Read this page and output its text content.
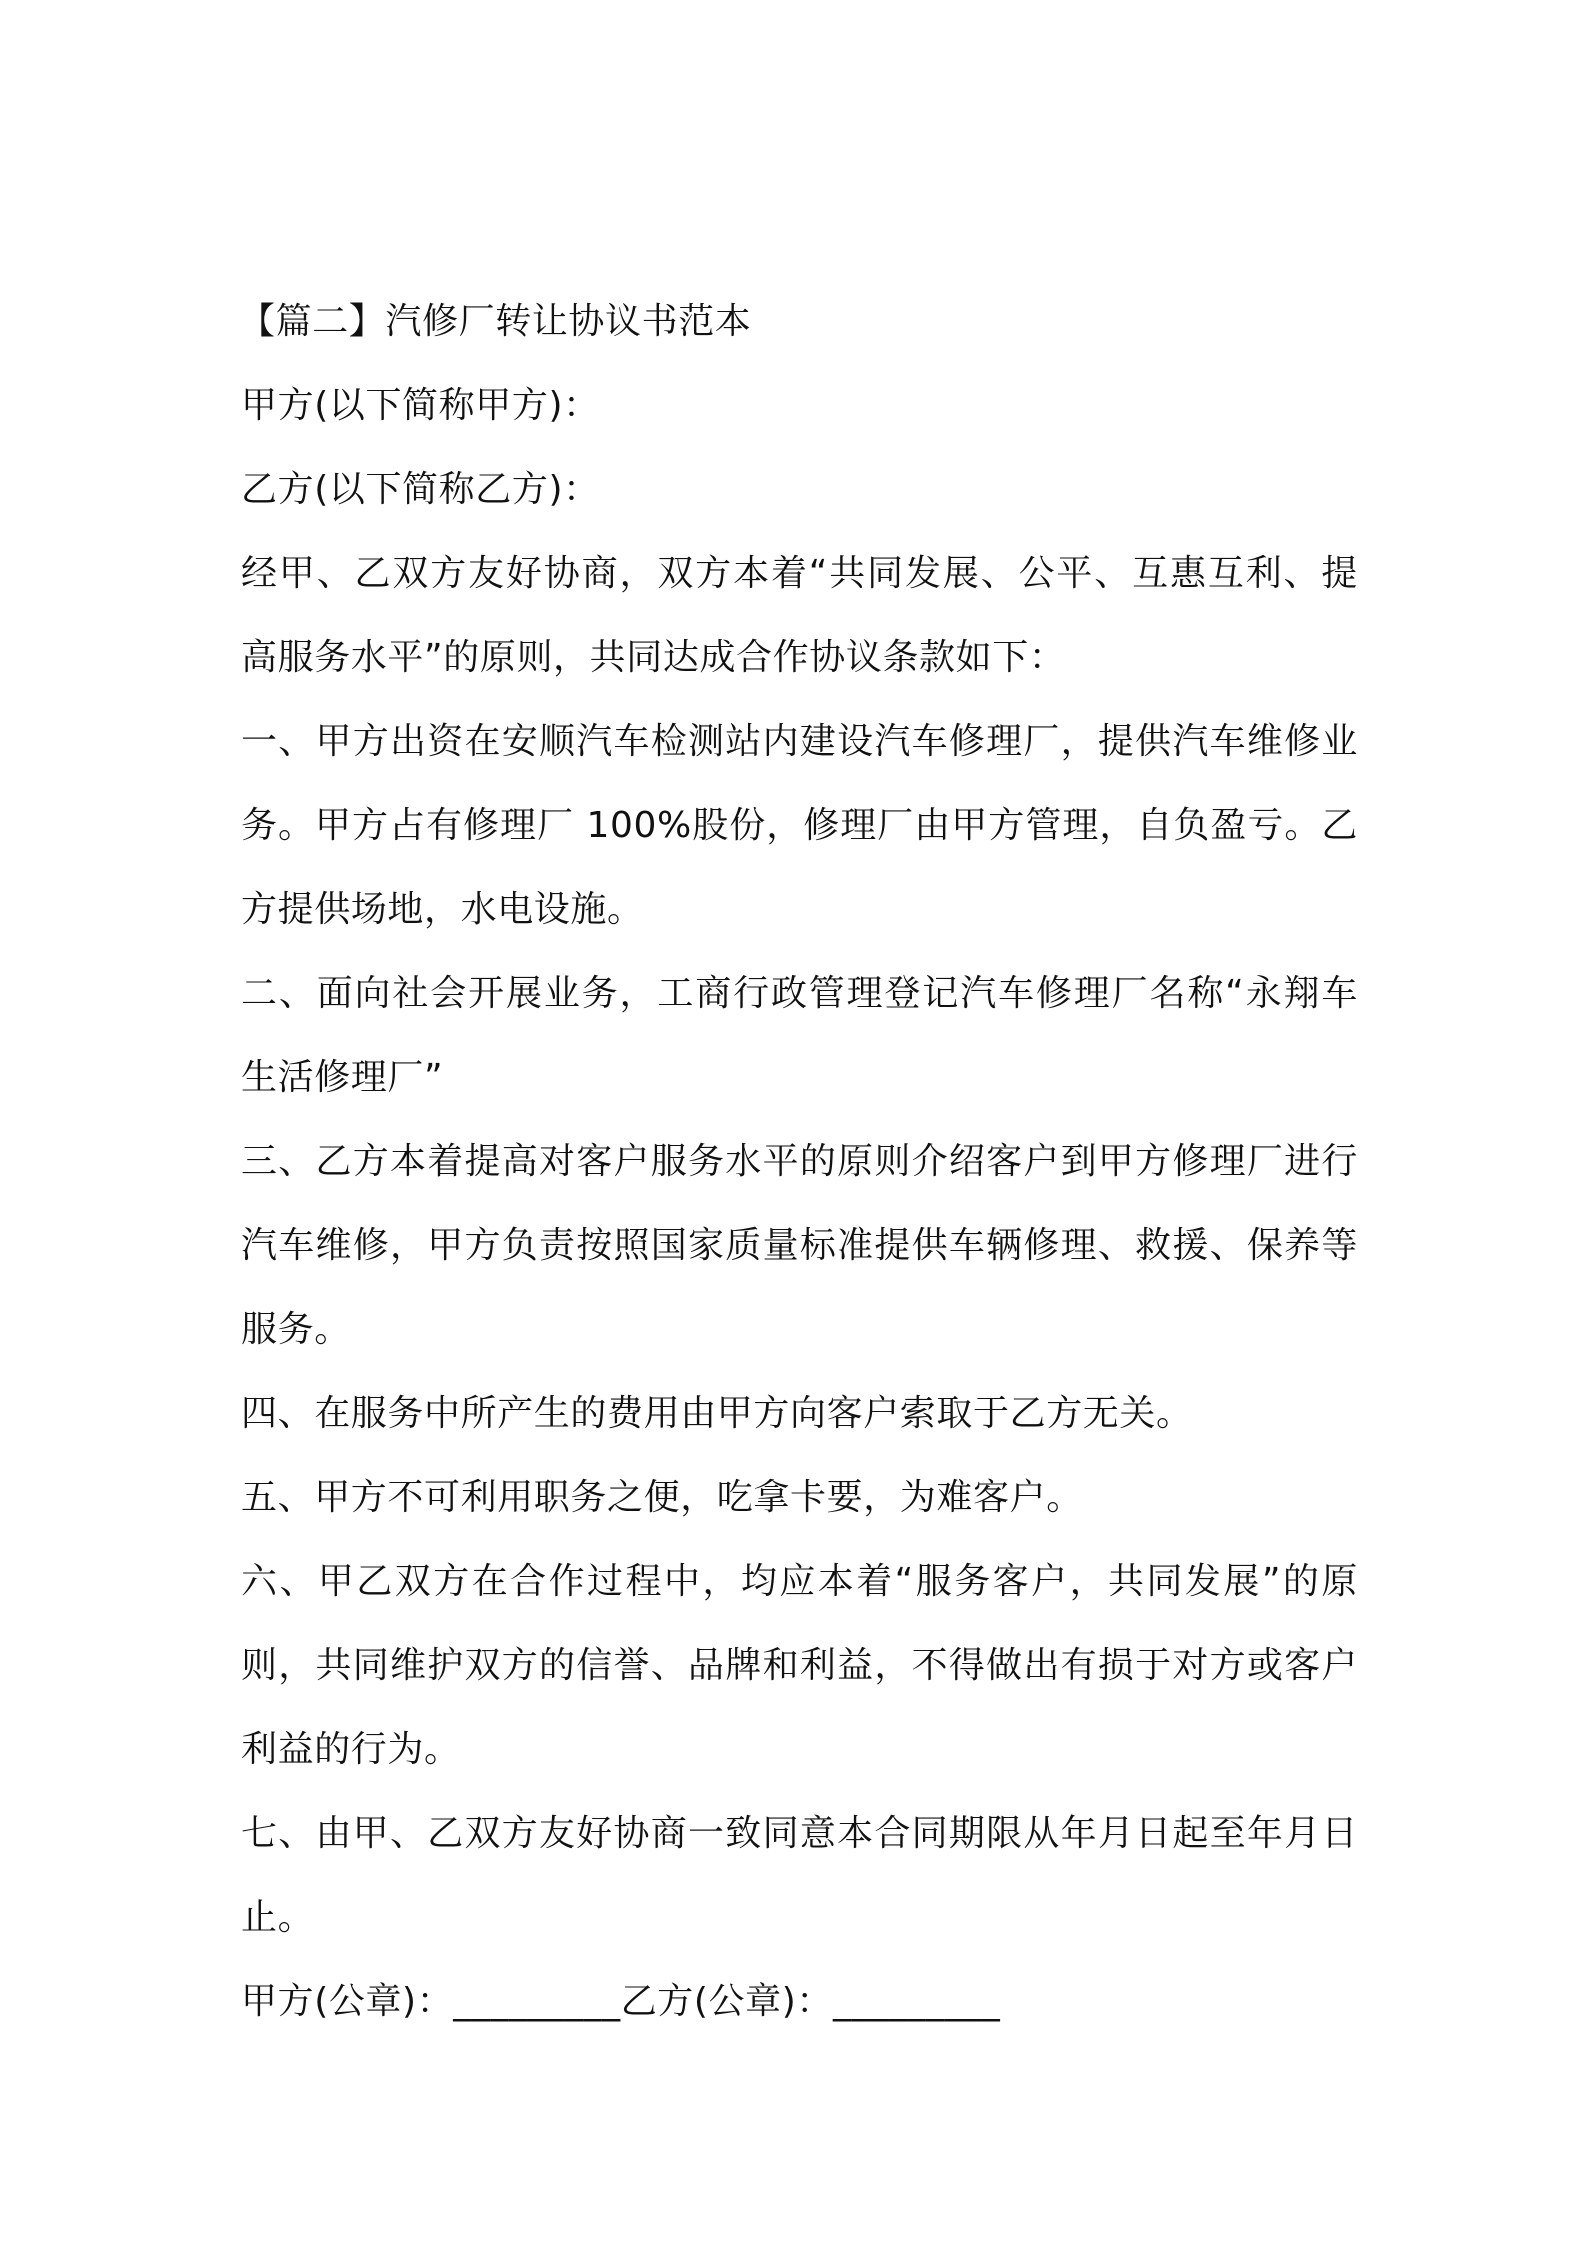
【篇二】汽修厂转让协议书范本

甲方(以下简称甲方)：

乙方(以下简称乙方)：

经甲、乙双方友好协商，双方本着“共同发展、公平、互惠互利、提高服务水平”的原则，共同达成合作协议条款如下：

一、甲方出资在安顺汽车检测站内建设汽车修理厂，提供汽车维修业务。甲方占有修理厂 100%股份，修理厂由甲方管理，自负盈亏。乙方提供场地，水电设施。

二、面向社会开展业务，工商行政管理登记汽车修理厂名称“永翔车生活修理厂”

三、乙方本着提高对客户服务水平的原则介绍客户到甲方修理厂进行汽车维修，甲方负责按照国家质量标准提供车辆修理、救援、保养等服务。

四、在服务中所产生的费用由甲方向客户索取于乙方无关。

五、甲方不可利用职务之便，吃拿卡要，为难客户。

六、甲乙双方在合作过程中，均应本着“服务客户，共同发展”的原则，共同维护双方的信誉、品牌和利益，不得做出有损于对方或客户利益的行为。

七、由甲、乙双方友好协商一致同意本合同期限从年月日起至年月日止。

甲方(公章)：_________乙方(公章)：_________
